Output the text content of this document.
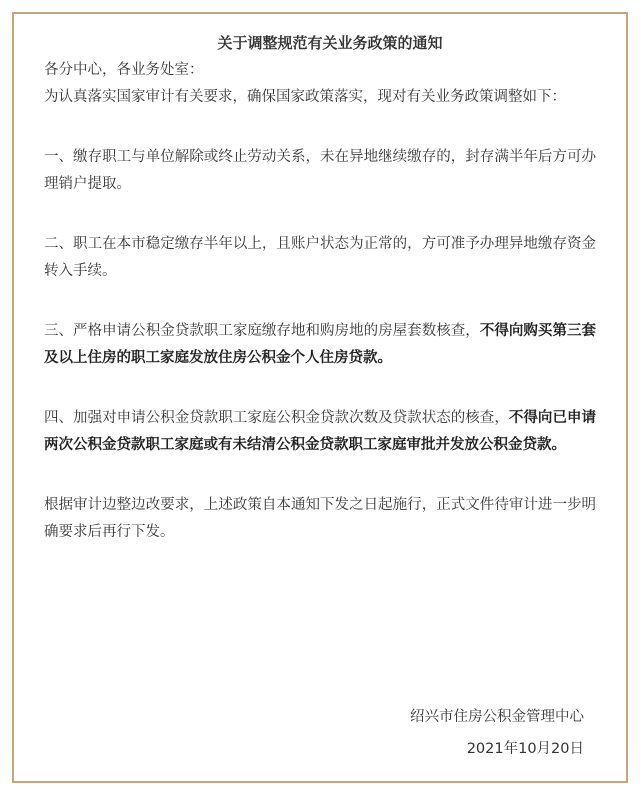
关于调整规范有关业务政策的通知

各分中心，各业务处室：

为认真落实国家审计有关要求，确保国家政策落实，现对有关业务政策调整如下：

一、缴存职工与单位解除或终止劳动关系，未在异地继续缴存的，封存满半年后方可办理销户提取。

二、职工在本市稳定缴存半年以上，且账户状态为正常的，方可准予办理异地缴存资金转入手续。

三、严格申请公积金贷款职工家庭缴存地和购房地的房屋套数核查，不得向购买第三套及以上住房的职工家庭发放住房公积金个人住房贷款。

四、加强对申请公积金贷款职工家庭公积金贷款次数及贷款状态的核查，不得向已申请两次公积金贷款职工家庭或有未结清公积金贷款职工家庭审批并发放公积金贷款。

根据审计边整边改要求，上述政策自本通知下发之日起施行，正式文件待审计进一步明确要求后再行下发。

绍兴市住房公积金管理中心
2021年10月20日
